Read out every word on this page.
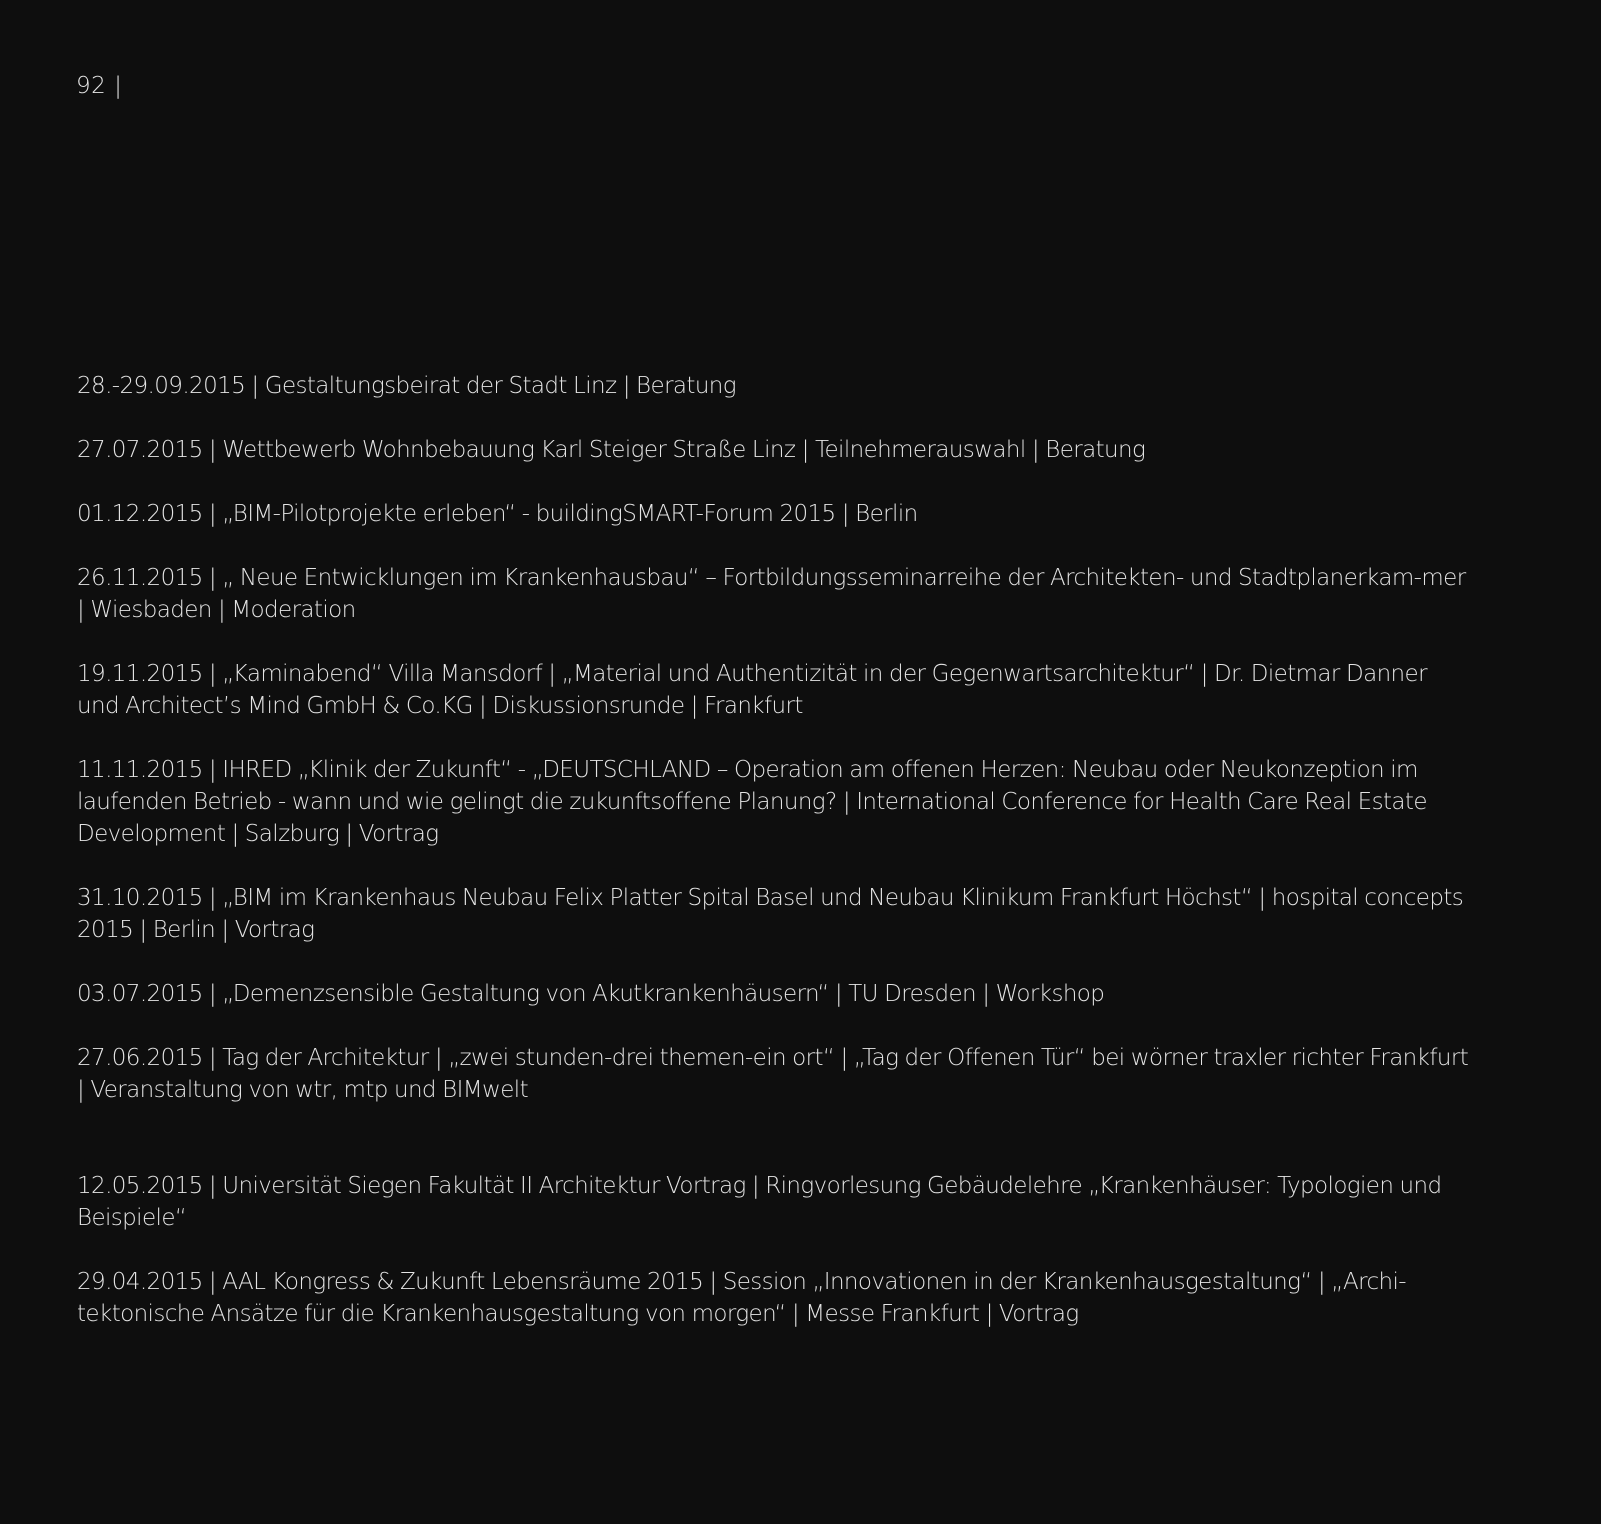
92 |
28.-29.09.2015 | Gestaltungsbeirat der Stadt Linz | Beratung
27.07.2015 | Wettbewerb Wohnbebauung Karl Steiger Straße Linz | Teilnehmerauswahl | Beratung
01.12.2015 | „BIM-Pilotprojekte erleben“ - buildingSMART-Forum 2015 | Berlin
26.11.2015 | „ Neue Entwicklungen im Krankenhausbau“ – Fortbildungsseminarreihe der Architekten- und Stadtplanerkam-mer | Wiesbaden | Moderation
19.11.2015 | „Kaminabend“ Villa Mansdorf | „Material und Authentizität in der Gegenwartsarchitektur“ | Dr. Dietmar Danner und Architect’s Mind GmbH & Co.KG | Diskussionsrunde | Frankfurt
11.11.2015 | IHRED „Klinik der Zukunft“ - „DEUTSCHLAND – Operation am offenen Herzen: Neubau oder Neukonzeption im laufenden Betrieb - wann und wie gelingt die zukunftsoffene Planung? | International Conference for Health Care Real Estate Development | Salzburg | Vortrag
31.10.2015 | „BIM im Krankenhaus Neubau Felix Platter Spital Basel und Neubau Klinikum Frankfurt Höchst“ | hospital concepts 2015 | Berlin | Vortrag
03.07.2015 | „Demenzsensible Gestaltung von Akutkrankenhäusern“ | TU Dresden | Workshop
27.06.2015 | Tag der Architektur | „zwei stunden-drei themen-ein ort“ | „Tag der Offenen Tür“ bei wörner traxler richter Frankfurt | Veranstaltung von wtr, mtp und BIMwelt
12.05.2015 | Universität Siegen Fakultät II Architektur Vortrag | Ringvorlesung Gebäudelehre „Krankenhäuser: Typologien und Beispiele“
29.04.2015 | AAL Kongress & Zukunft Lebensräume 2015 | Session „Innovationen in der Krankenhausgestaltung“ | „Archi-tektonische Ansätze für die Krankenhausgestaltung von morgen“ | Messe Frankfurt | Vortrag
